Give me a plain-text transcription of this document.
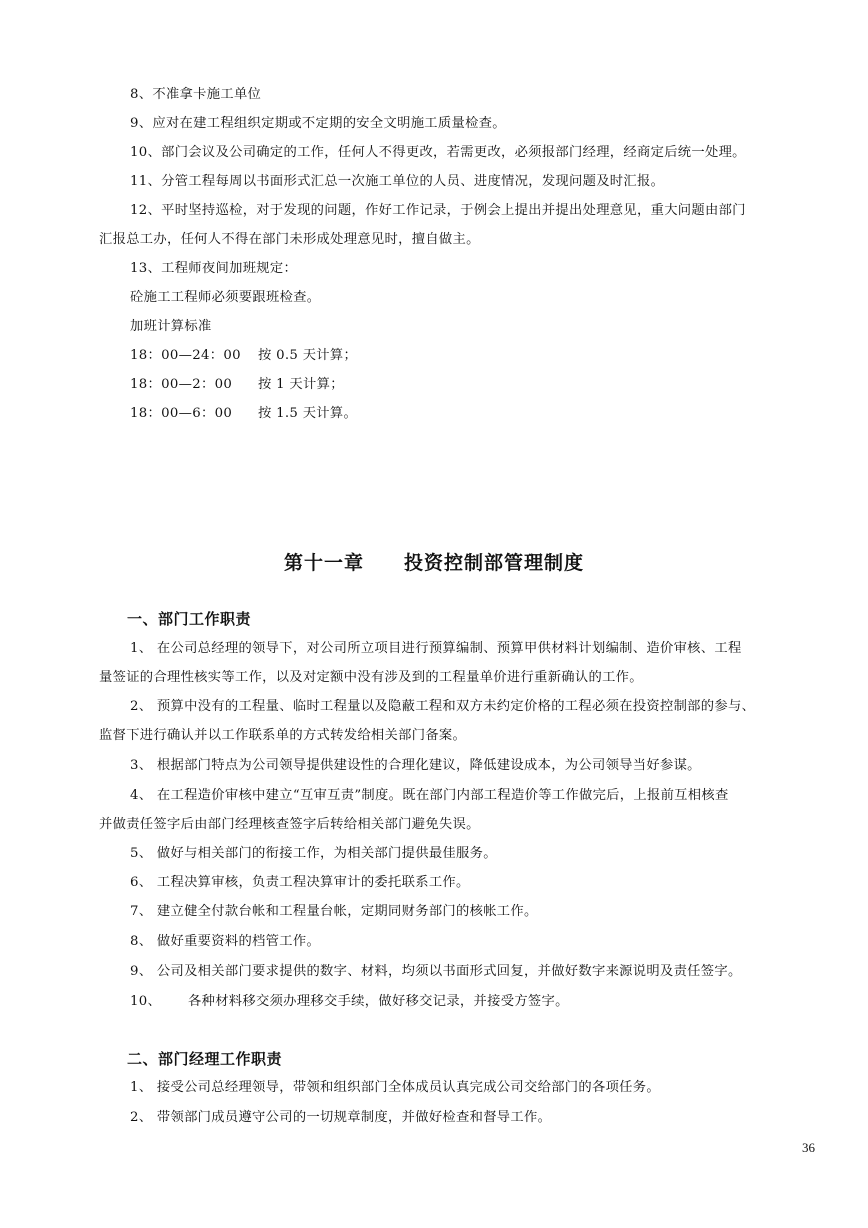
8、不准拿卡施工单位
9、应对在建工程组织定期或不定期的安全文明施工质量检查。
10、部门会议及公司确定的工作，任何人不得更改，若需更改，必须报部门经理，经商定后统一处理。
11、分管工程每周以书面形式汇总一次施工单位的人员、进度情况，发现问题及时汇报。
12、平时坚持巡检，对于发现的问题，作好工作记录，于例会上提出并提出处理意见，重大问题由部门
汇报总工办，任何人不得在部门未形成处理意见时，擅自做主。
13、工程师夜间加班规定：
砼施工工程师必须要跟班检查。
加班计算标准
18：00—24：00 按 0.5 天计算；
18：00—2：00 按 1 天计算；
18：00—6：00 按 1.5 天计算。
第十一章 投资控制部管理制度
一、部门工作职责
1、 在公司总经理的领导下，对公司所立项目进行预算编制、预算甲供材料计划编制、造价审核、工程
量签证的合理性核实等工作，以及对定额中没有涉及到的工程量单价进行重新确认的工作。
2、 预算中没有的工程量、临时工程量以及隐蔽工程和双方未约定价格的工程必须在投资控制部的参与、
监督下进行确认并以工作联系单的方式转发给相关部门备案。
3、 根据部门特点为公司领导提供建设性的合理化建议，降低建设成本，为公司领导当好参谋。
4、 在工程造价审核中建立“互审互责”制度。既在部门内部工程造价等工作做完后，上报前互相核查
并做责任签字后由部门经理核查签字后转给相关部门避免失误。
5、 做好与相关部门的衔接工作，为相关部门提供最佳服务。
6、 工程决算审核，负责工程决算审计的委托联系工作。
7、 建立健全付款台帐和工程量台帐，定期同财务部门的核帐工作。
8、 做好重要资料的档管工作。
9、 公司及相关部门要求提供的数字、材料，均须以书面形式回复，并做好数字来源说明及责任签字。
10、 各种材料移交须办理移交手续，做好移交记录，并接受方签字。
二、部门经理工作职责
1、 接受公司总经理领导，带领和组织部门全体成员认真完成公司交给部门的各项任务。
2、 带领部门成员遵守公司的一切规章制度，并做好检查和督导工作。
36
